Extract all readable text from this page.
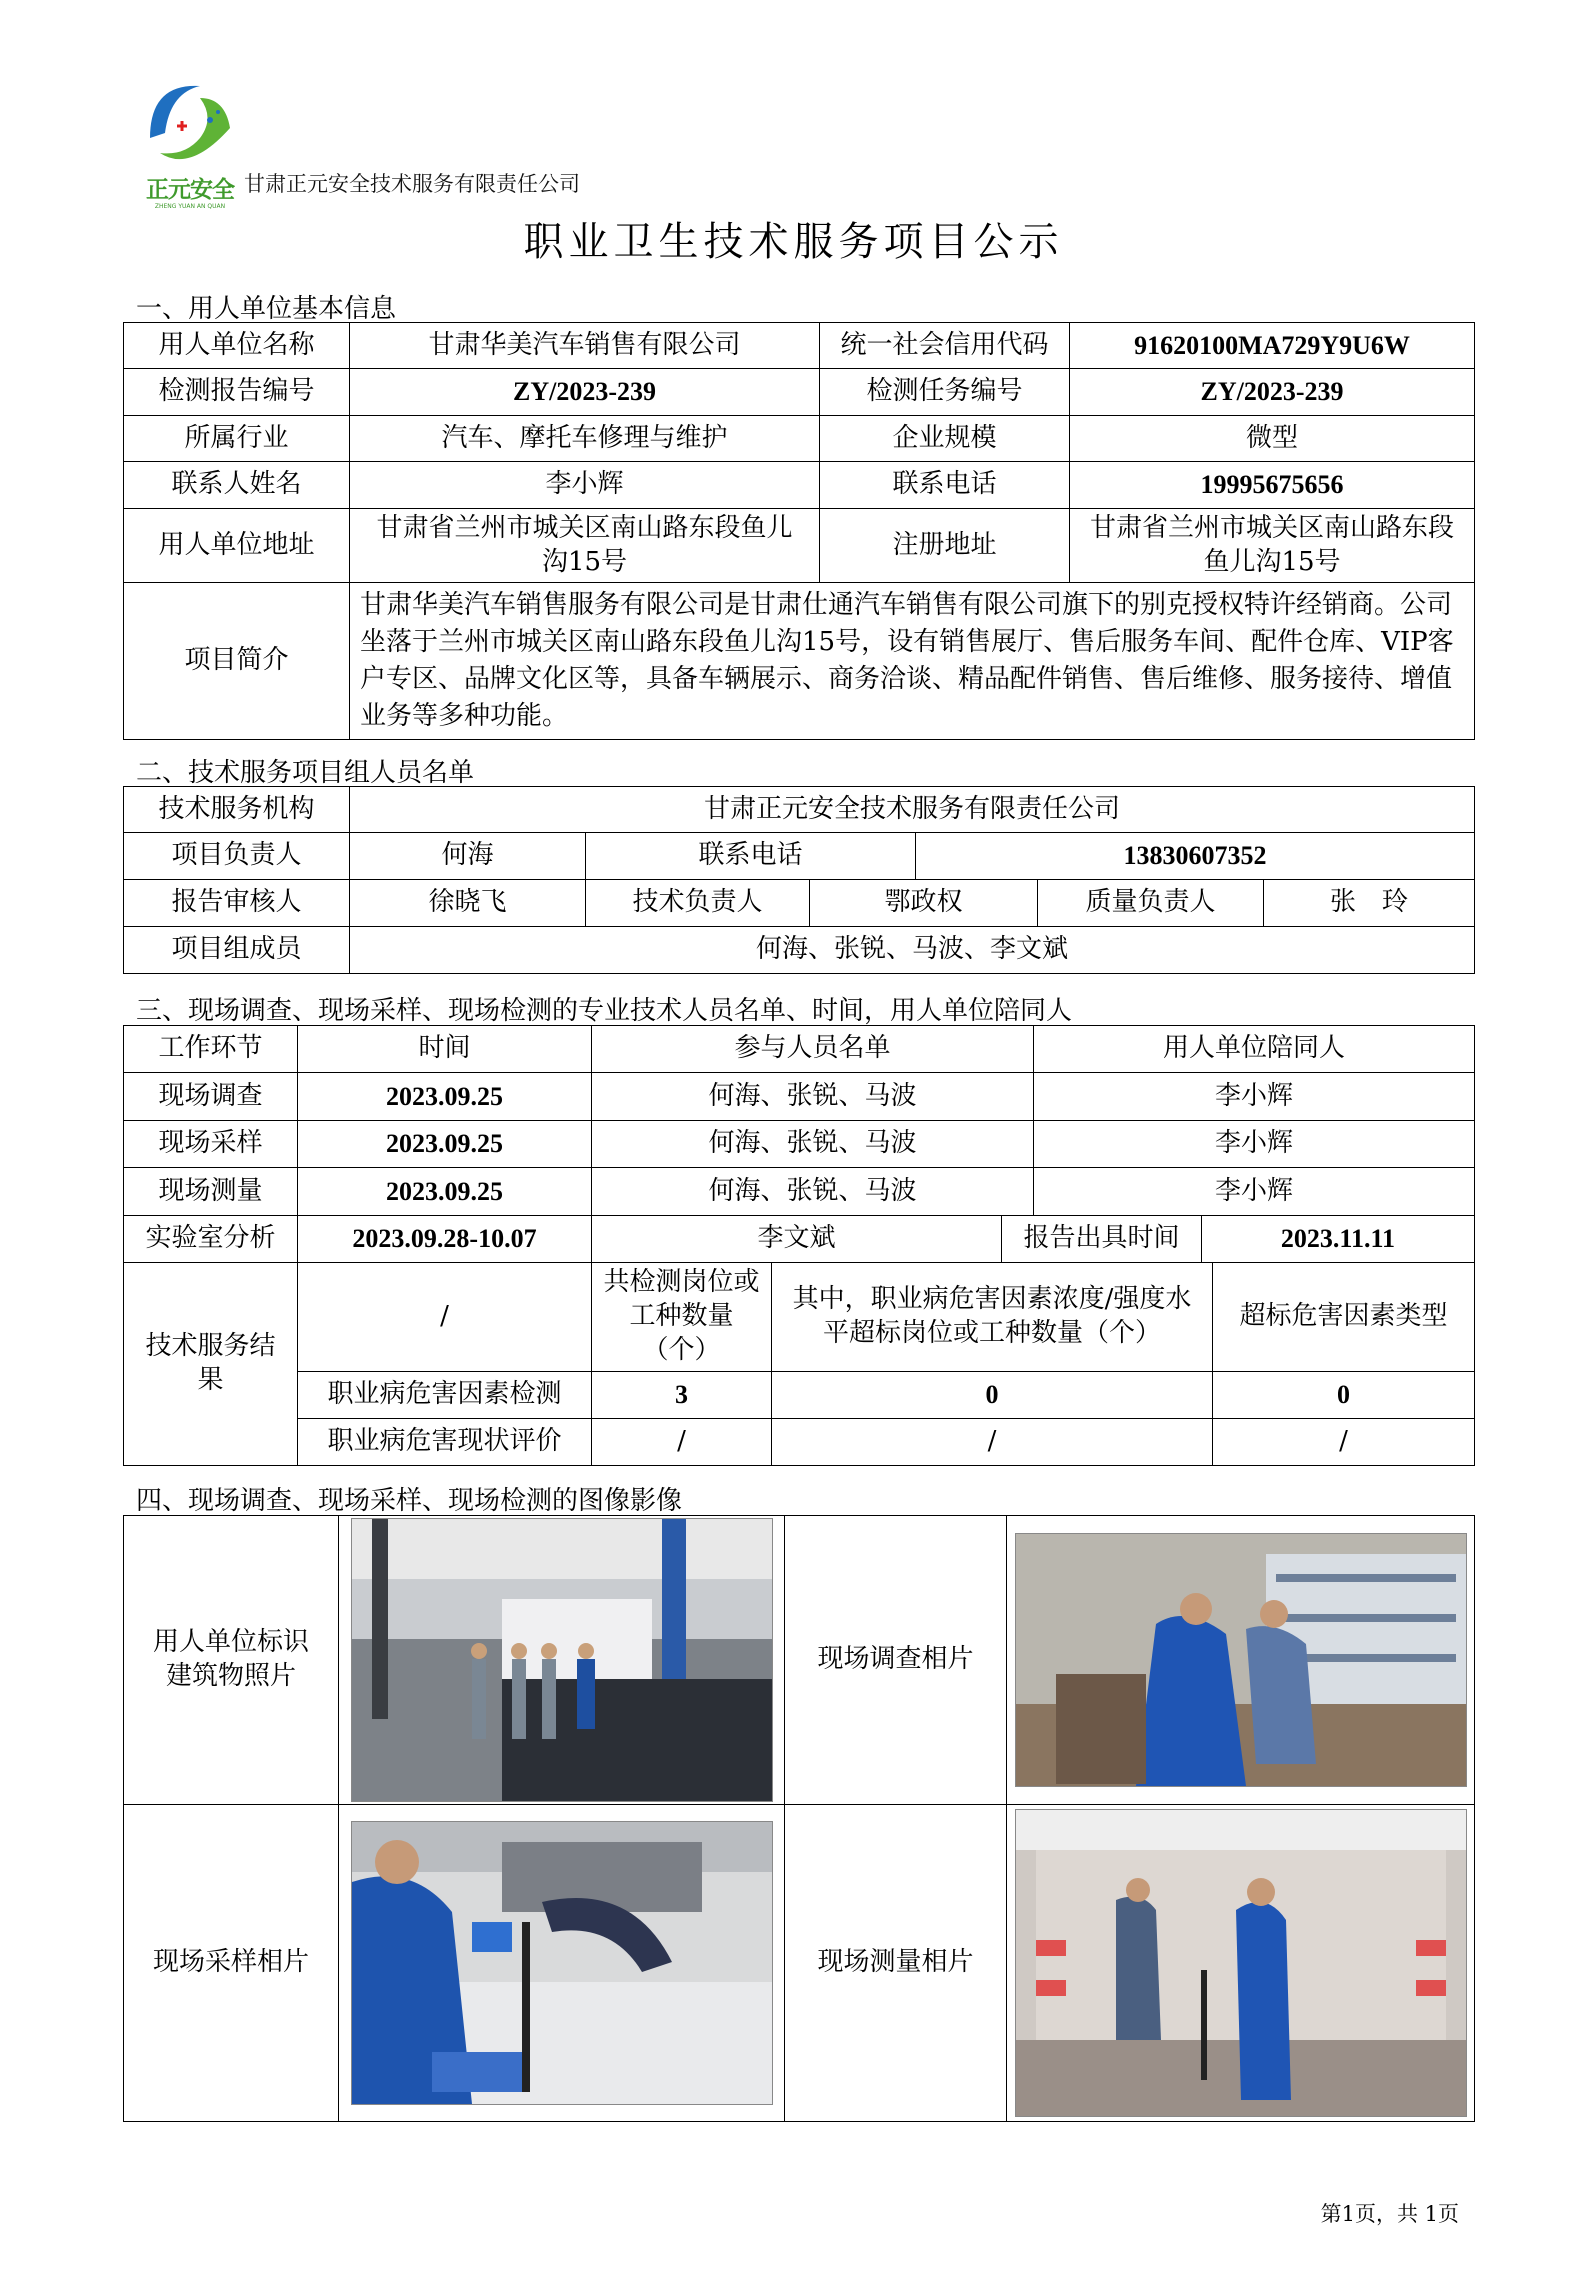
正元安全
ZHENG YUAN AN QUAN
甘肃正元安全技术服务有限责任公司
职业卫生技术服务项目公示
一、用人单位基本信息
用人单位名称	甘肃华美汽车销售有限公司	统一社会信用代码	91620100MA729Y9U6W
检测报告编号	ZY/2023-239	检测任务编号	ZY/2023-239
所属行业	汽车、摩托车修理与维护	企业规模	微型
联系人姓名	李小辉	联系电话	19995675656
用人单位地址	甘肃省兰州市城关区南山路东段鱼儿沟15号	注册地址	甘肃省兰州市城关区南山路东段鱼儿沟15号
项目简介	甘肃华美汽车销售服务有限公司是甘肃仕通汽车销售有限公司旗下的别克授权特许经销商。公司坐落于兰州市城关区南山路东段鱼儿沟15号，设有销售展厅、售后服务车间、配件仓库、VIP客户专区、品牌文化区等，具备车辆展示、商务洽谈、精品配件销售、售后维修、服务接待、增值业务等多种功能。		
二、技术服务项目组人员名单
技术服务机构	甘肃正元安全技术服务有限责任公司		
项目负责人	何海	联系电话	13830607352
报告审核人	徐晓飞	技术负责人	鄂政权	质量负责人	张　玲
项目组成员	何海、张锐、马波、李文斌				
三、现场调查、现场采样、现场检测的专业技术人员名单、时间，用人单位陪同人
工作环节	时间	参与人员名单	用人单位陪同人
现场调查	2023.09.25	何海、张锐、马波	李小辉
现场采样	2023.09.25	何海、张锐、马波	李小辉
现场测量	2023.09.25	何海、张锐、马波	李小辉
实验室分析	2023.09.28-10.07	李文斌	报告出具时间	2023.11.11
技术服务结果	/	共检测岗位或工种数量（个）	其中，职业病危害因素浓度/强度水平超标岗位或工种数量（个）	超标危害因素类型
	职业病危害因素检测	3	0	0
	职业病危害现状评价	/	/	/
四、现场调查、现场采样、现场检测的图像影像
用人单位标识建筑物照片		现场调查相片	

现场采样相片		现场测量相片	
第1页，共 1页
